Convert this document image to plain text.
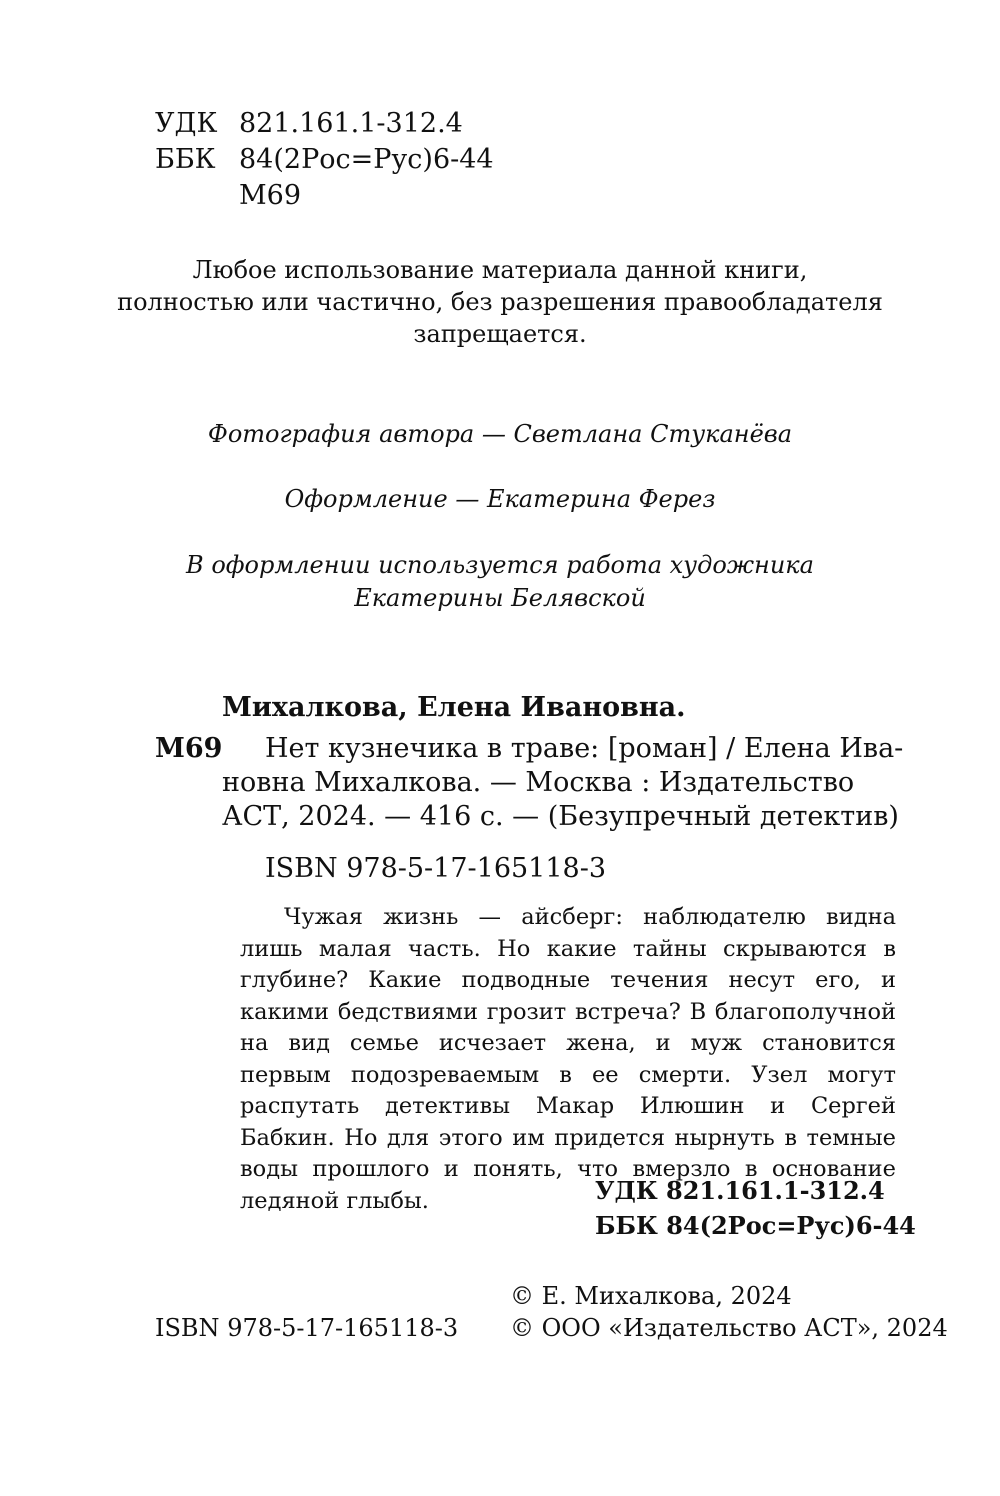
УДК 821.161.1-312.4
ББК 84(2Рос=Рус)6-44
М69
Любое использование материала данной книги,
полностью или частично, без разрешения правообладателя
запрещается.
Фотография автора — Светлана Стуканёва
Оформление — Екатерина Ферез
В оформлении используется работа художника
Екатерины Белявской
Михалкова, Елена Ивановна.
М69 Нет кузнечика в траве: [роман] / Елена Ива-
новна Михалкова. — Москва : Издательство
АСТ, 2024. — 416 с. — (Безупречный детектив)
ISBN 978-5-17-165118-3
Чужая жизнь — айсберг: наблюдателю видна лишь малая часть. Но какие тайны скрываются в глубине? Какие подводные течения несут его, и какими бедствиями грозит встреча? В благополучной на вид семье исчезает жена, и муж становится первым подозреваемым в ее смерти. Узел могут распутать детективы Макар Илюшин и Сергей Бабкин. Но для этого им придется нырнуть в темные воды прошлого и понять, что вмерзло в основание ледяной глыбы.	УДК 821.161.1-312.4
ББК 84(2Рос=Рус)6-44
ISBN 978-5-17-165118-3
© Е. Михалкова, 2024
© ООО «Издательство АСТ», 2024
